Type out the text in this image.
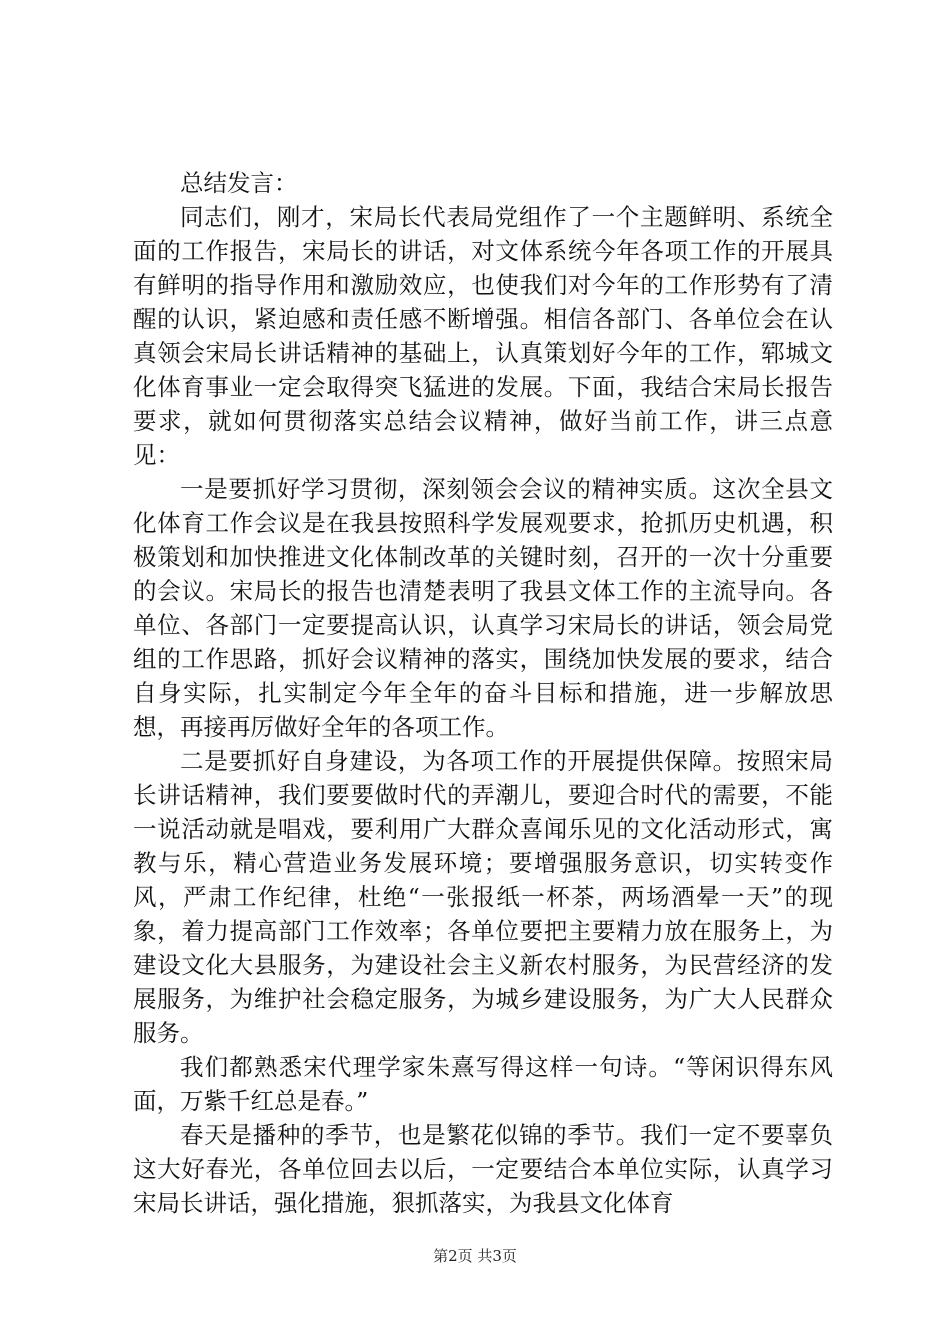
总结发言：

同志们，刚才，宋局长代表局党组作了一个主题鲜明、系统全面的工作报告，宋局长的讲话，对文体系统今年各项工作的开展具有鲜明的指导作用和激励效应，也使我们对今年的工作形势有了清醒的认识，紧迫感和责任感不断增强。相信各部门、各单位会在认真领会宋局长讲话精神的基础上，认真策划好今年的工作，郓城文化体育事业一定会取得突飞猛进的发展。下面，我结合宋局长报告要求，就如何贯彻落实总结会议精神，做好当前工作，讲三点意见：

一是要抓好学习贯彻，深刻领会会议的精神实质。这次全县文化体育工作会议是在我县按照科学发展观要求，抢抓历史机遇，积极策划和加快推进文化体制改革的关键时刻，召开的一次十分重要的会议。宋局长的报告也清楚表明了我县文体工作的主流导向。各单位、各部门一定要提高认识，认真学习宋局长的讲话，领会局党组的工作思路，抓好会议精神的落实，围绕加快发展的要求，结合自身实际，扎实制定今年全年的奋斗目标和措施，进一步解放思想，再接再厉做好全年的各项工作。

二是要抓好自身建设，为各项工作的开展提供保障。按照宋局长讲话精神，我们要要做时代的弄潮儿，要迎合时代的需要，不能一说活动就是唱戏，要利用广大群众喜闻乐见的文化活动形式，寓教与乐，精心营造业务发展环境；要增强服务意识，切实转变作风，严肃工作纪律，杜绝“一张报纸一杯茶，两场酒晕一天”的现象，着力提高部门工作效率；各单位要把主要精力放在服务上，为建设文化大县服务，为建设社会主义新农村服务，为民营经济的发展服务，为维护社会稳定服务，为城乡建设服务，为广大人民群众服务。

我们都熟悉宋代理学家朱熹写得这样一句诗。“等闲识得东风面，万紫千红总是春。”

春天是播种的季节，也是繁花似锦的季节。我们一定不要辜负这大好春光，各单位回去以后，一定要结合本单位实际，认真学习宋局长讲话，强化措施，狠抓落实，为我县文化体育

第2页 共3页
